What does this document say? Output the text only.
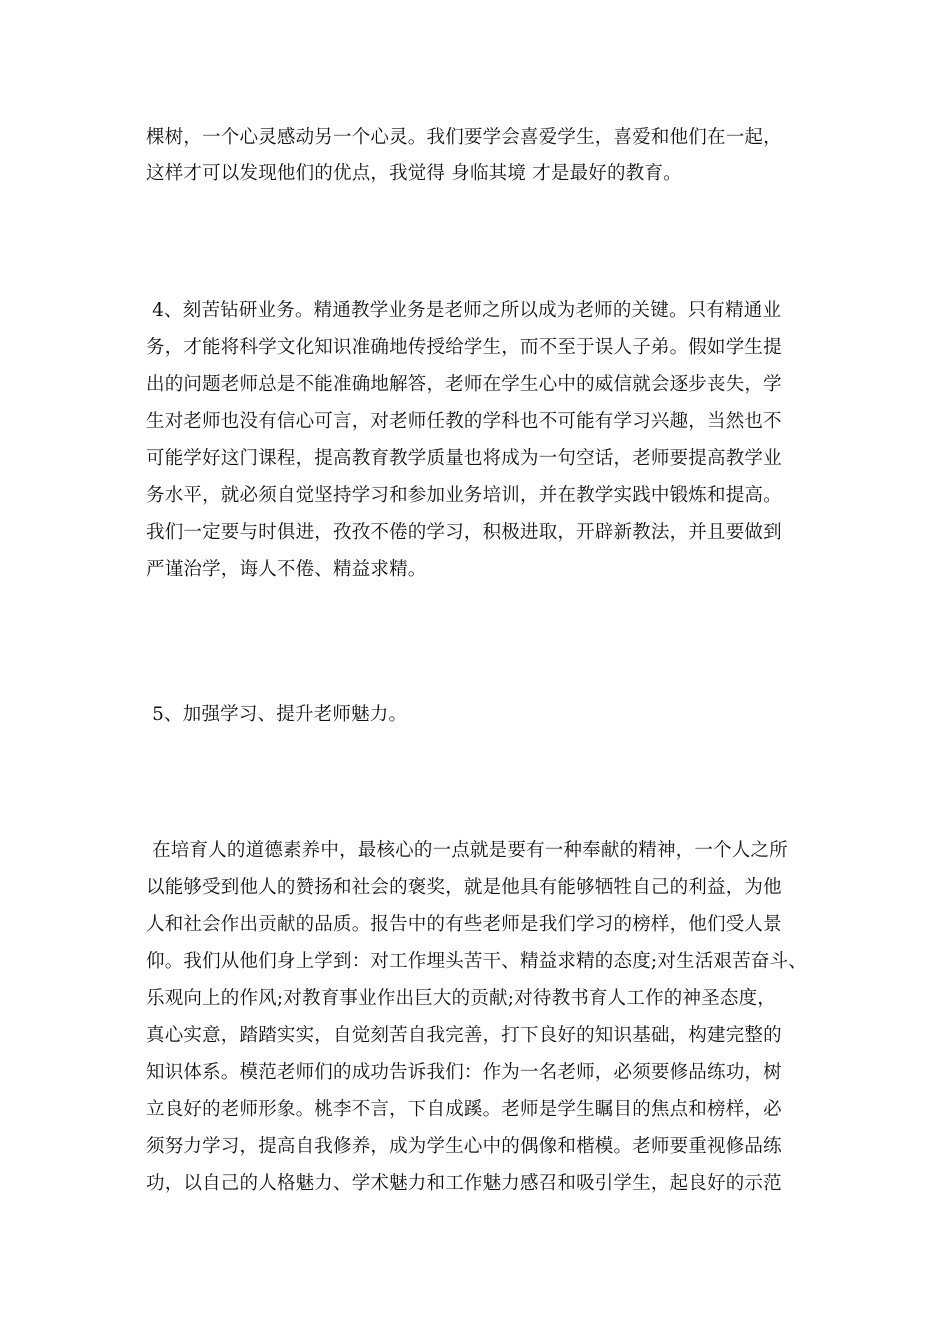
棵树，一个心灵感动另一个心灵。我们要学会喜爱学生，喜爱和他们在一起，
这样才可以发现他们的优点，我觉得 身临其境 才是最好的教育。
4、刻苦钻研业务。精通教学业务是老师之所以成为老师的关键。只有精通业
务，才能将科学文化知识准确地传授给学生，而不至于误人子弟。假如学生提
出的问题老师总是不能准确地解答，老师在学生心中的威信就会逐步丧失，学
生对老师也没有信心可言，对老师任教的学科也不可能有学习兴趣，当然也不
可能学好这门课程，提高教育教学质量也将成为一句空话，老师要提高教学业
务水平，就必须自觉坚持学习和参加业务培训，并在教学实践中锻炼和提高。
我们一定要与时俱进，孜孜不倦的学习，积极进取，开辟新教法，并且要做到
严谨治学，诲人不倦、精益求精。
5、加强学习、提升老师魅力。
在培育人的道德素养中，最核心的一点就是要有一种奉献的精神，一个人之所
以能够受到他人的赞扬和社会的褒奖，就是他具有能够牺牲自己的利益，为他
人和社会作出贡献的品质。报告中的有些老师是我们学习的榜样，他们受人景
仰。我们从他们身上学到：对工作埋头苦干、精益求精的态度;对生活艰苦奋斗、
乐观向上的作风;对教育事业作出巨大的贡献;对待教书育人工作的神圣态度，
真心实意，踏踏实实，自觉刻苦自我完善，打下良好的知识基础，构建完整的
知识体系。模范老师们的成功告诉我们：作为一名老师，必须要修品练功，树
立良好的老师形象。桃李不言，下自成蹊。老师是学生瞩目的焦点和榜样，必
须努力学习，提高自我修养，成为学生心中的偶像和楷模。老师要重视修品练
功，以自己的人格魅力、学术魅力和工作魅力感召和吸引学生，起良好的示范
